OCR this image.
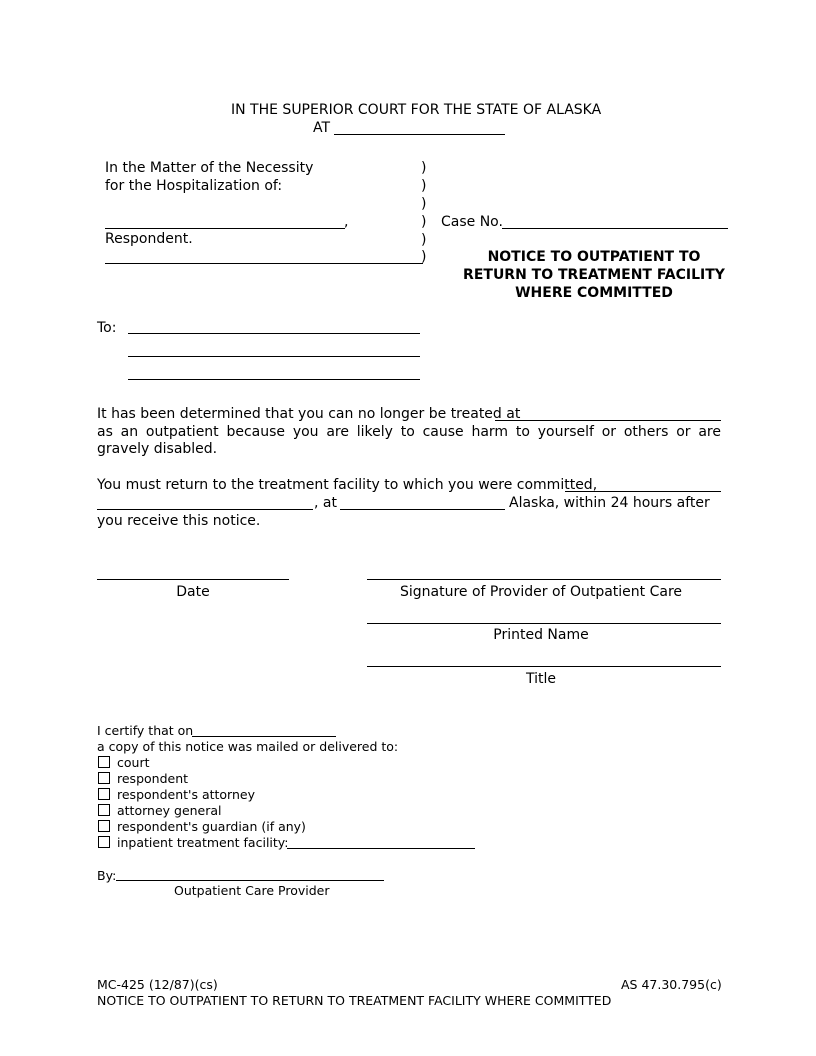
IN THE SUPERIOR COURT FOR THE STATE OF ALASKA
AT
In the Matter of the Necessity
for the Hospitalization of:
,
Respondent.
)
)
)
)
)
)
Case No.
NOTICE TO OUTPATIENT TO
RETURN TO TREATMENT FACILITY
WHERE COMMITTED
To:
It has been determined that you can no longer be treated at
as an outpatient because you are likely to cause harm to yourself or others or are gravely disabled.
You must return to the treatment facility to which you were committed,
, at	Alaska, within 24 hours after
you receive this notice.
Date	Signature of Provider of Outpatient Care
Printed Name
Title
I certify that on
a copy of this notice was mailed or delivered to:
court
respondent
respondent's attorney
attorney general
respondent's guardian (if any)
inpatient treatment facility:
By:
Outpatient Care Provider
MC-425 (12/87)(cs)	AS 47.30.795(c)
NOTICE TO OUTPATIENT TO RETURN TO TREATMENT FACILITY WHERE COMMITTED
